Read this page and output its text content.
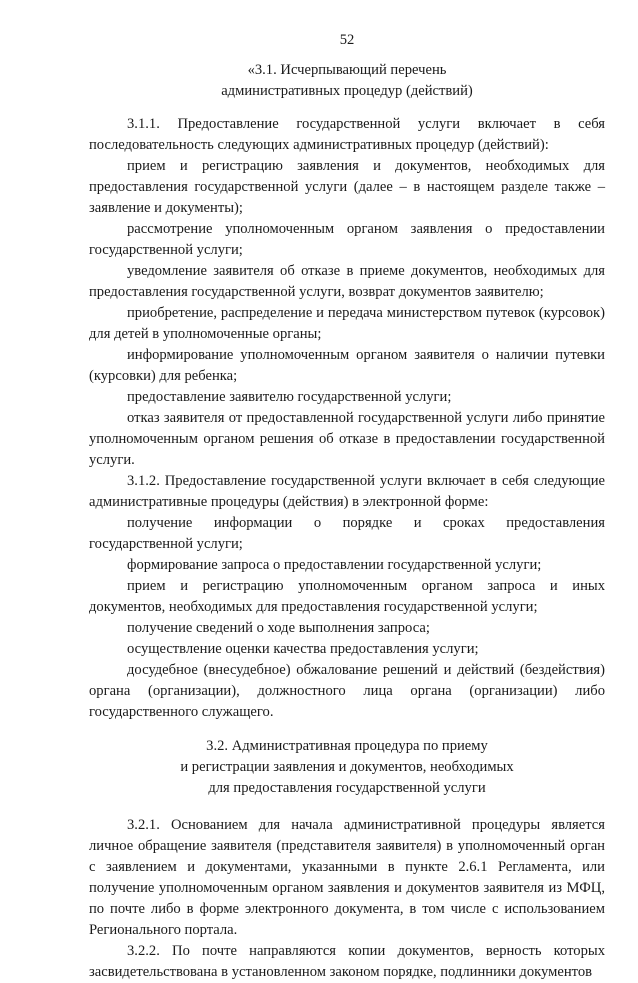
52

«3.1. Исчерпывающий перечень

административных процедур (действий)

3.1.1. Предоставление государственной услуги включает в себя последовательность следующих административных процедур (действий):

прием и регистрацию заявления и документов, необходимых для предоставления государственной услуги (далее – в настоящем разделе также – заявление и документы);

рассмотрение уполномоченным органом заявления о предоставлении государственной услуги;

уведомление заявителя об отказе в приеме документов, необходимых для предоставления государственной услуги, возврат документов заявителю;

приобретение, распределение и передача министерством путевок (курсовок) для детей в уполномоченные органы;

информирование уполномоченным органом заявителя о наличии путевки (курсовки) для ребенка;

предоставление заявителю государственной услуги;

отказ заявителя от предоставленной государственной услуги либо принятие уполномоченным органом решения об отказе в предоставлении государственной услуги.

3.1.2. Предоставление государственной услуги включает в себя следующие административные процедуры (действия) в электронной форме:

получение информации о порядке и сроках предоставления государственной услуги;

формирование запроса о предоставлении государственной услуги;

прием и регистрацию уполномоченным органом запроса и иных документов, необходимых для предоставления государственной услуги;

получение сведений о ходе выполнения запроса;

осуществление оценки качества предоставления услуги;

досудебное (внесудебное) обжалование решений и действий (бездействия) органа (организации), должностного лица органа (организации) либо государственного служащего.

3.2. Административная процедура по приему

и регистрации заявления и документов, необходимых

для предоставления государственной услуги

3.2.1. Основанием для начала административной процедуры является личное обращение заявителя (представителя заявителя) в уполномоченный орган с заявлением и документами, указанными в пункте 2.6.1 Регламента, или получение уполномоченным органом заявления и документов заявителя из МФЦ, по почте либо в форме электронного документа, в том числе с использованием Регионального портала.

3.2.2. По почте направляются копии документов, верность которых засвидетельствована в установленном законом порядке, подлинники документов
